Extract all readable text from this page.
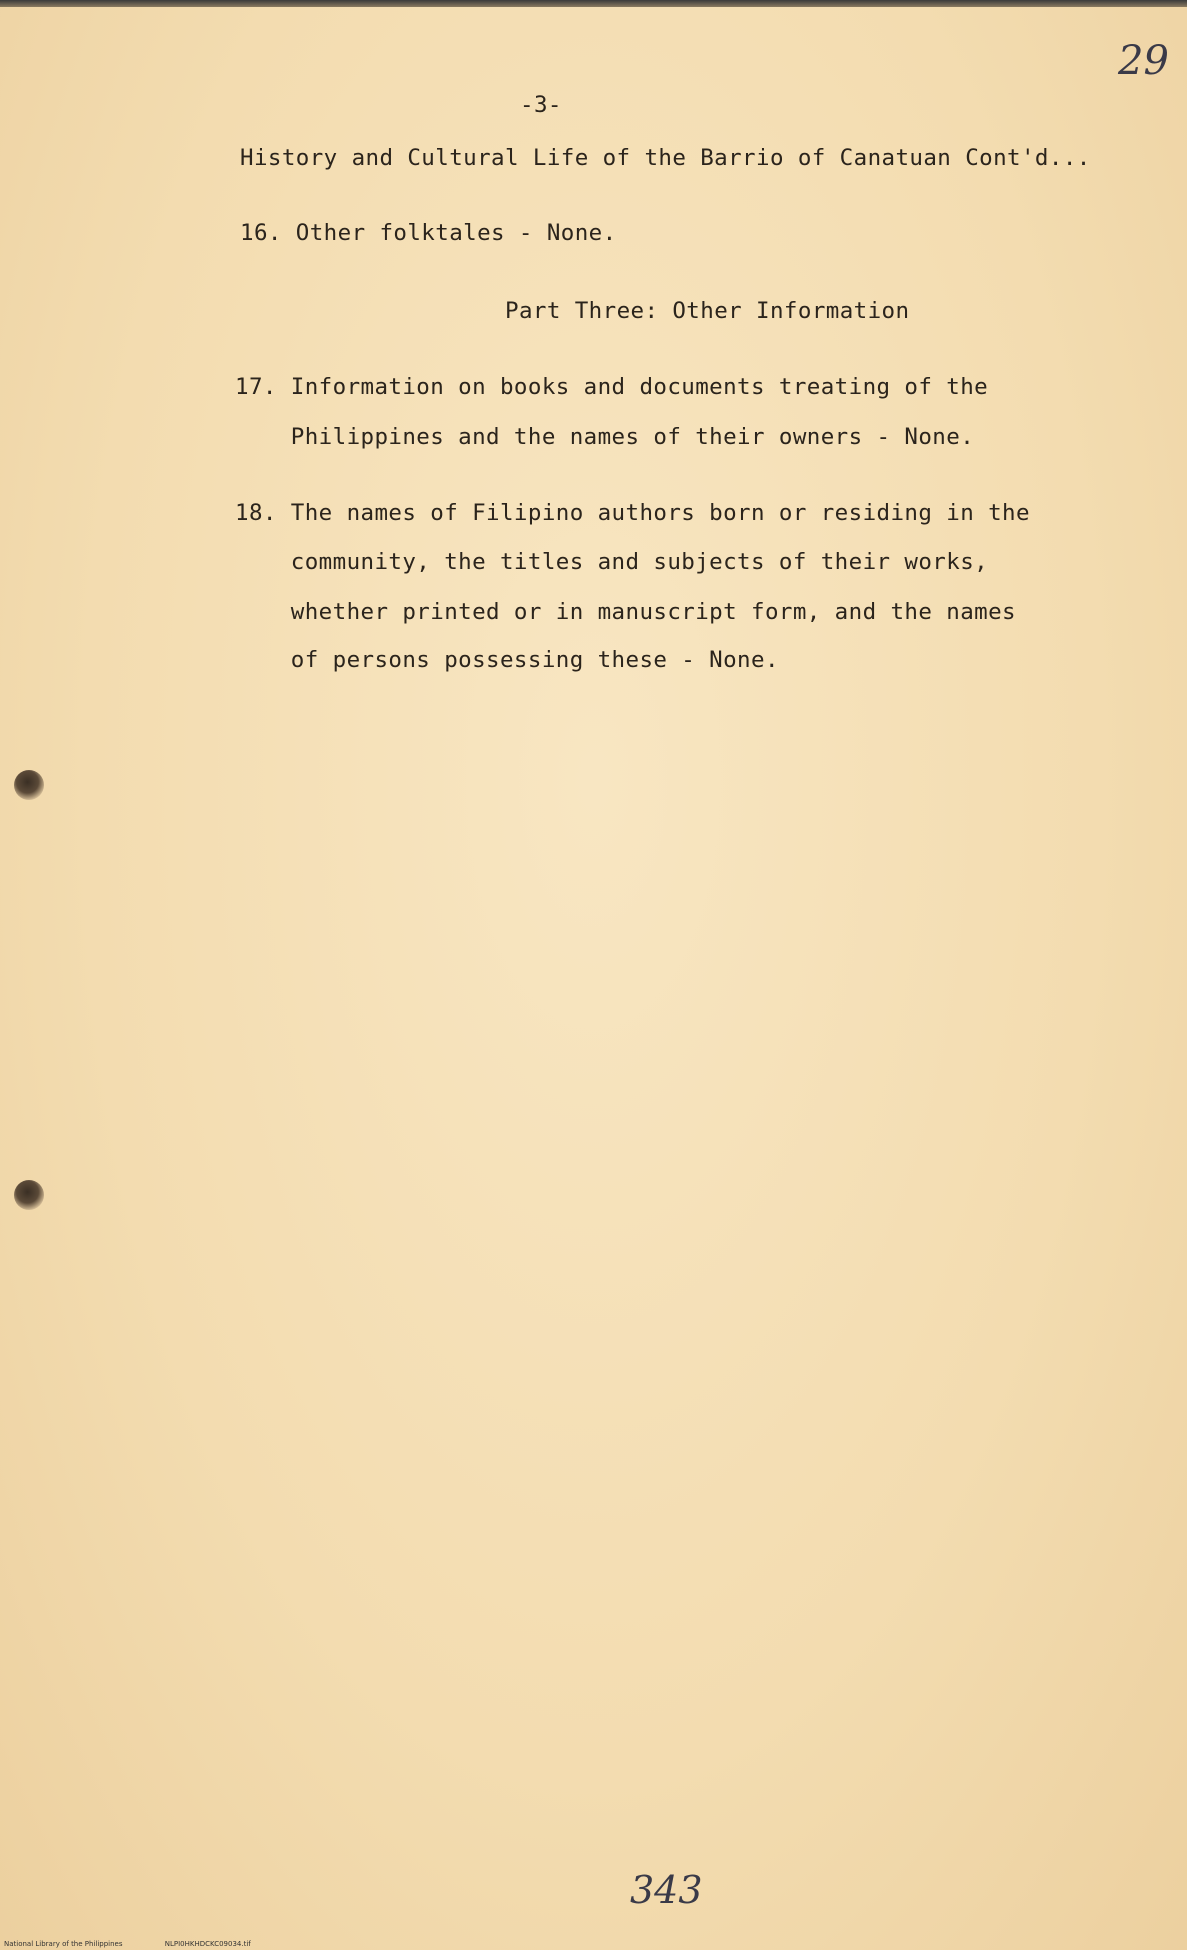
29
-3-
History and Cultural Life of the Barrio of Canatuan Cont'd...
16. Other folktales - None.
Part Three: Other Information
17. Information on books and documents treating of the
Philippines and the names of their owners - None.
18. The names of Filipino authors born or residing in the
community, the titles and subjects of their works,
whether printed or in manuscript form, and the names
of persons possessing these - None.
343
National Library of the Philippines	NLPI0HKHDCKC09034.tif
